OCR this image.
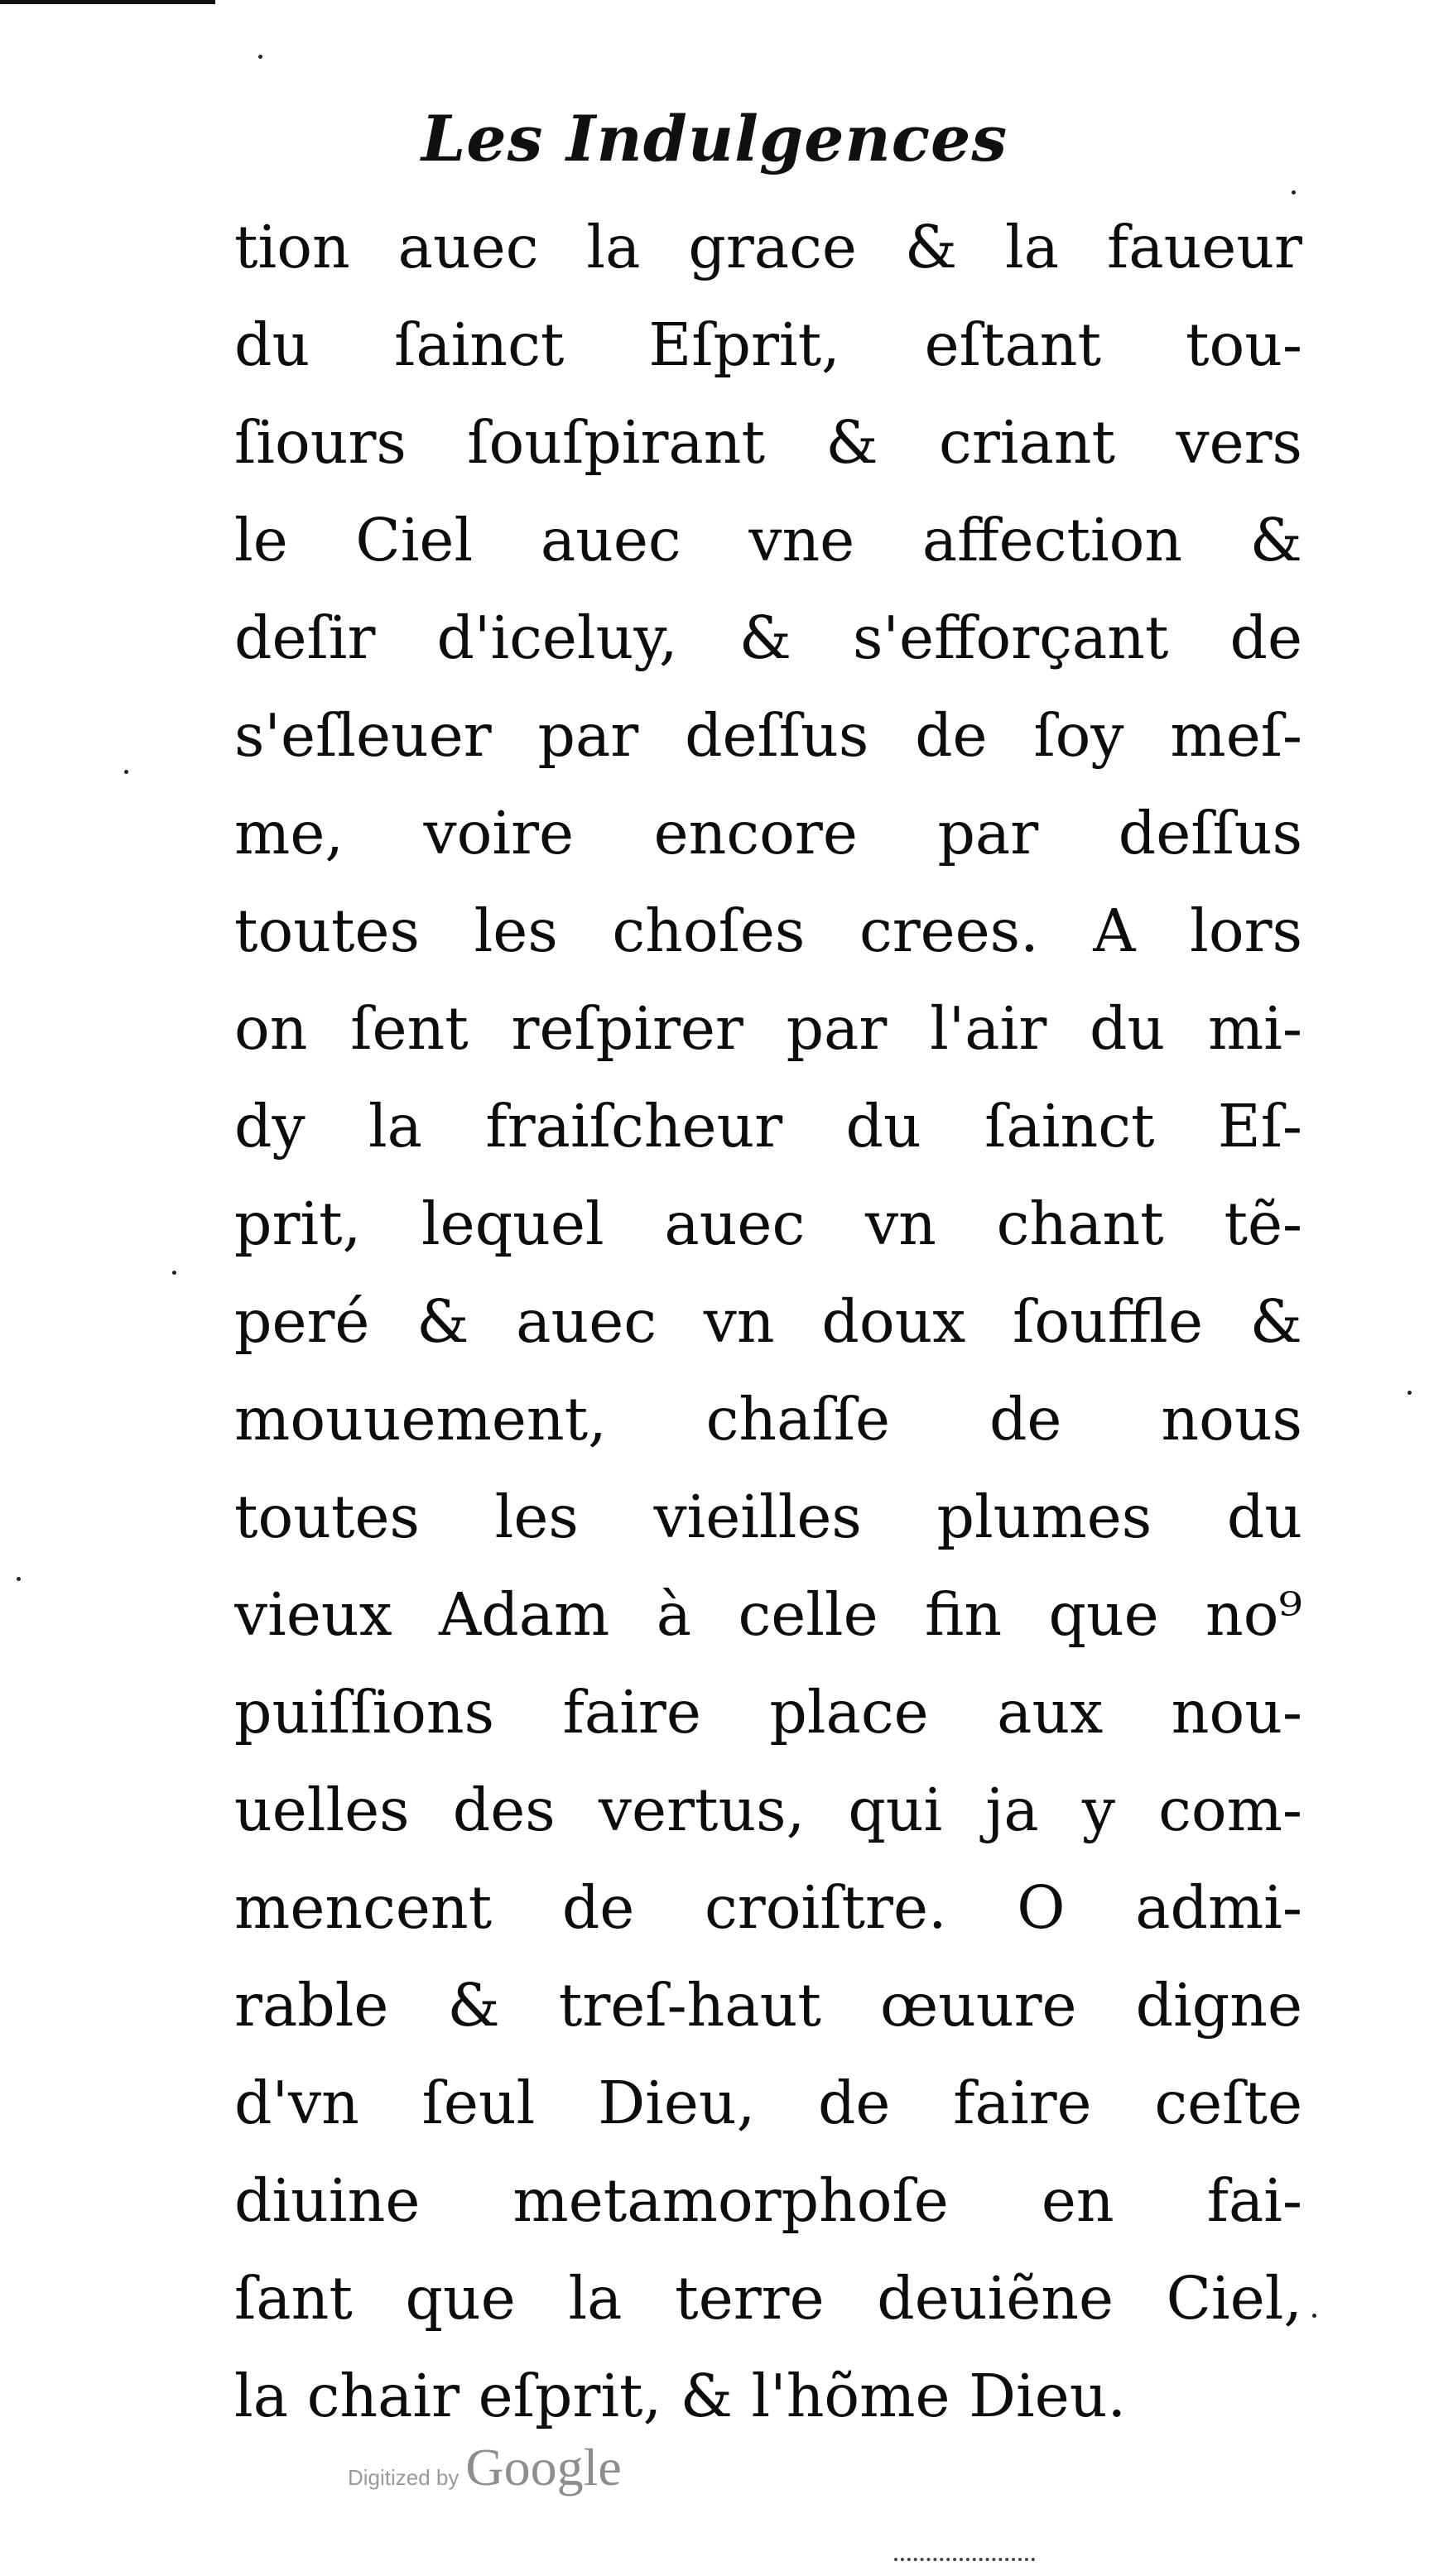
Les Indulgences
tion auec la grace & la faueur
du ſainct Eſprit, eſtant tou-
ſiours ſouſpirant & criant vers
le Ciel auec vne affection &
deſir d'iceluy, & s'efforçant de
s'eſleuer par deſſus de ſoy meſ-
me, voire encore par deſſus
toutes les choſes crees. A lors
on ſent reſpirer par l'air du mi-
dy la fraiſcheur du ſainct Eſ-
prit, lequel auec vn chant tẽ-
peré & auec vn doux ſouffle &
mouuement, chaſſe de nous
toutes les vieilles plumes du
vieux Adam à celle fin que no⁹
puiſſions faire place aux nou-
uelles des vertus, qui ja y com-
mencent de croiſtre. O admi-
rable & treſ-haut œuure digne
d'vn ſeul Dieu, de faire ceſte
diuine metamorphoſe en fai-
ſant que la terre deuiẽne Ciel,
la chair eſprit, & l'hõme Dieu.
Digitized by Google
